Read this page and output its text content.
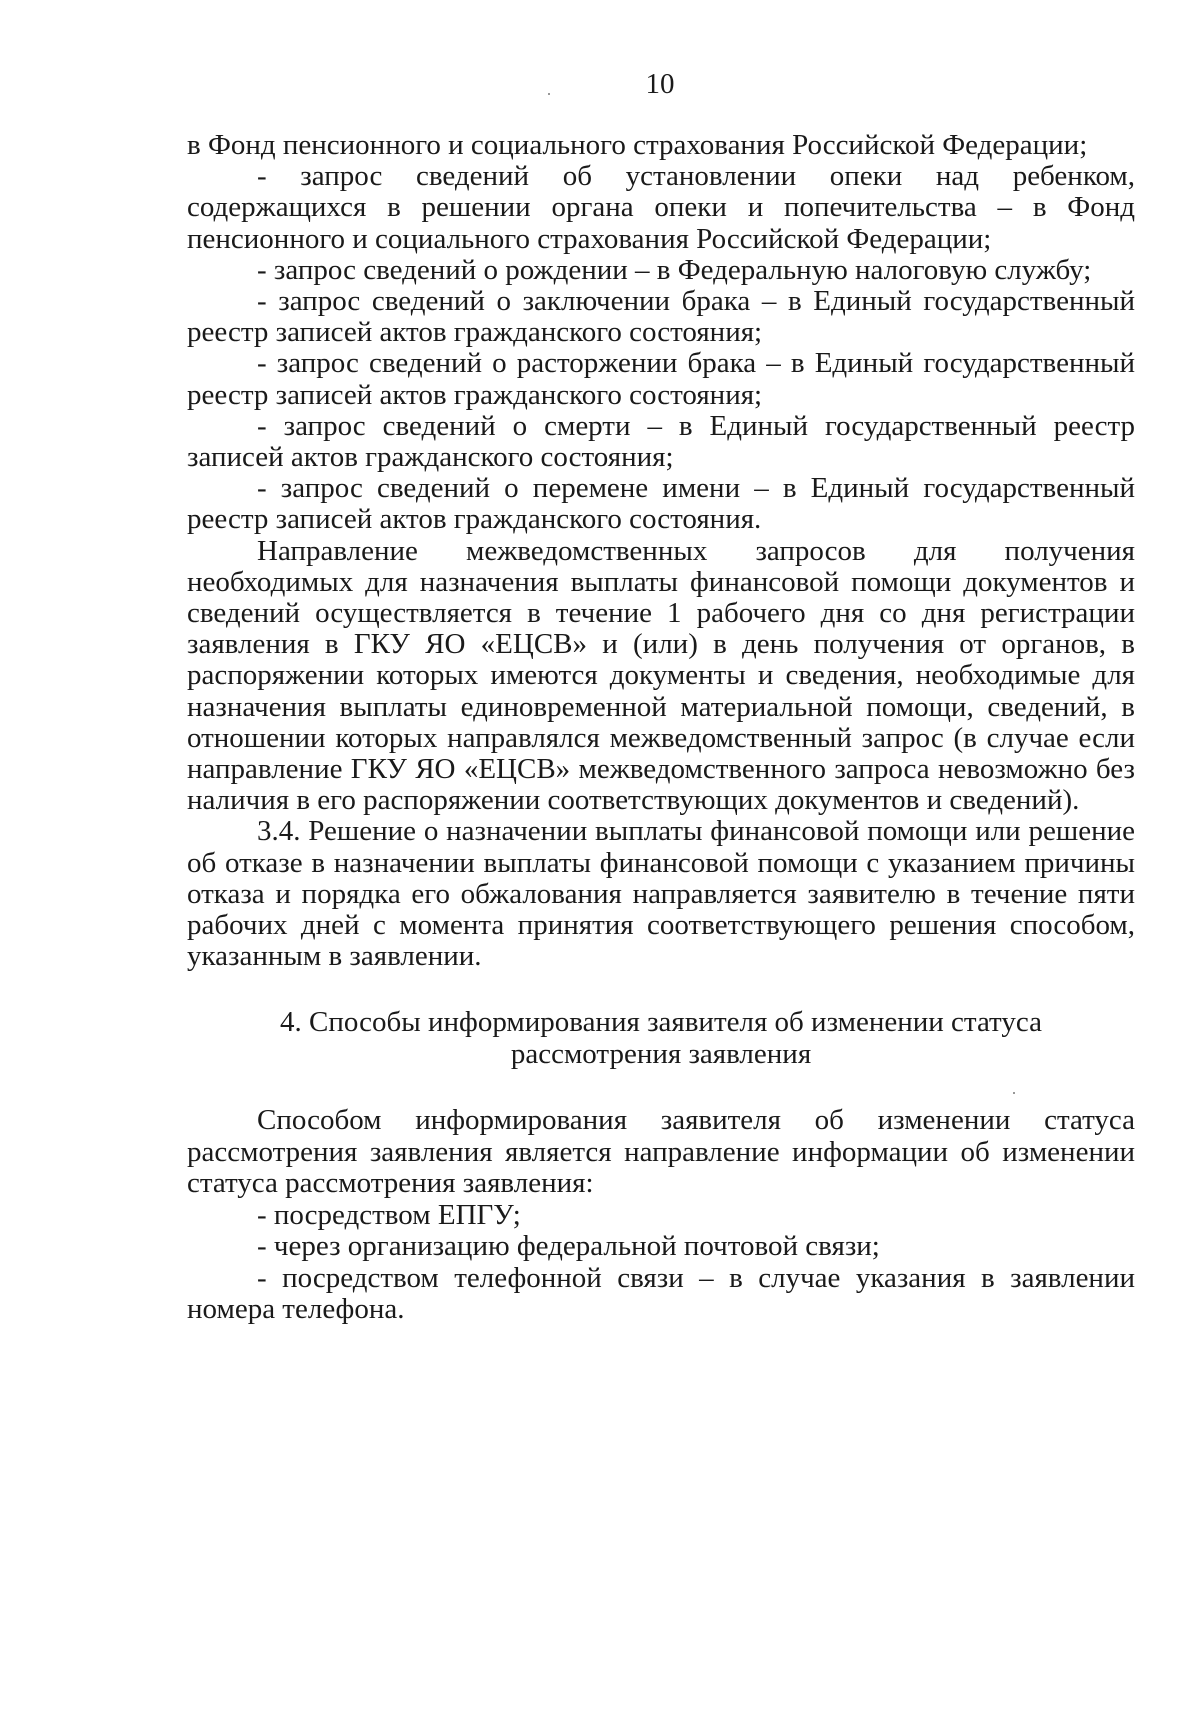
10

в Фонд пенсионного и социального страхования Российской Федерации;

- запрос сведений об установлении опеки над ребенком, содержащихся в решении органа опеки и попечительства – в Фонд пенсионного и социального страхования Российской Федерации;

- запрос сведений о рождении – в Федеральную налоговую службу;

- запрос сведений о заключении брака – в Единый государственный реестр записей актов гражданского состояния;

- запрос сведений о расторжении брака – в Единый государственный реестр записей актов гражданского состояния;

- запрос сведений о смерти – в Единый государственный реестр записей актов гражданского состояния;

- запрос сведений о перемене имени – в Единый государственный реестр записей актов гражданского состояния.

Направление межведомственных запросов для получения необходимых для назначения выплаты финансовой помощи документов и сведений осуществляется в течение 1 рабочего дня со дня регистрации заявления в ГКУ ЯО «ЕЦСВ» и (или) в день получения от органов, в распоряжении которых имеются документы и сведения, необходимые для назначения выплаты единовременной материальной помощи, сведений, в отношении которых направлялся межведомственный запрос (в случае если направление ГКУ ЯО «ЕЦСВ» межведомственного запроса невозможно без наличия в его распоряжении соответствующих документов и сведений).

3.4. Решение о назначении выплаты финансовой помощи или решение об отказе в назначении выплаты финансовой помощи с указанием причины отказа и порядка его обжалования направляется заявителю в течение пяти рабочих дней с момента принятия соответствующего решения способом, указанным в заявлении.

4. Способы информирования заявителя об изменении статуса

рассмотрения заявления

Способом информирования заявителя об изменении статуса рассмотрения заявления является направление информации об изменении статуса рассмотрения заявления:

- посредством ЕПГУ;

- через организацию федеральной почтовой связи;

- посредством телефонной связи – в случае указания в заявлении номера телефона.
